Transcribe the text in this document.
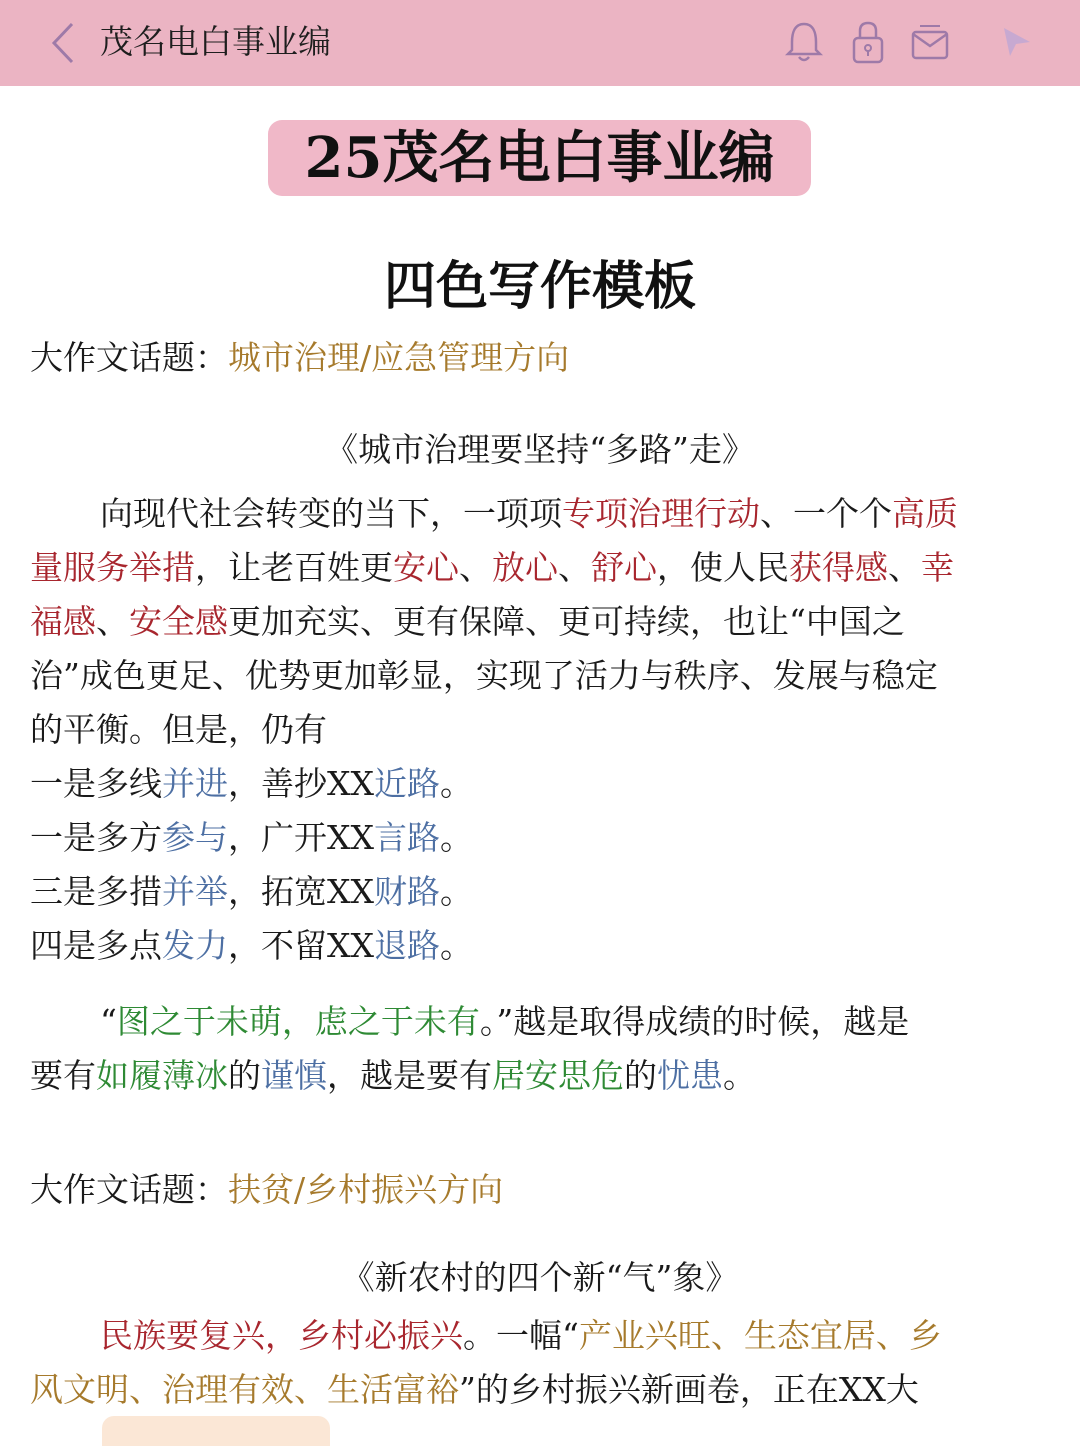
茂名电白事业编
25茂名电白事业编
四色写作模板
大作文话题：城市治理/应急管理方向
《城市治理要坚持“多路”走》
向现代社会转变的当下，一项项专项治理行动、一个个高质
量服务举措，让老百姓更安心、放心、舒心，使人民获得感、幸
福感、安全感更加充实、更有保障、更可持续，也让“中国之
治”成色更足、优势更加彰显，实现了活力与秩序、发展与稳定
的平衡。但是，仍有
一是多线并进，善抄XX近路。
一是多方参与，广开XX言路。
三是多措并举，拓宽XX财路。
四是多点发力，不留XX退路。
“图之于未萌，虑之于未有。”越是取得成绩的时候，越是
要有如履薄冰的谨慎，越是要有居安思危的忧患。
大作文话题：扶贫/乡村振兴方向
《新农村的四个新“气”象》
民族要复兴，乡村必振兴。一幅“产业兴旺、生态宜居、乡
风文明、治理有效、生活富裕”的乡村振兴新画卷，正在XX大
